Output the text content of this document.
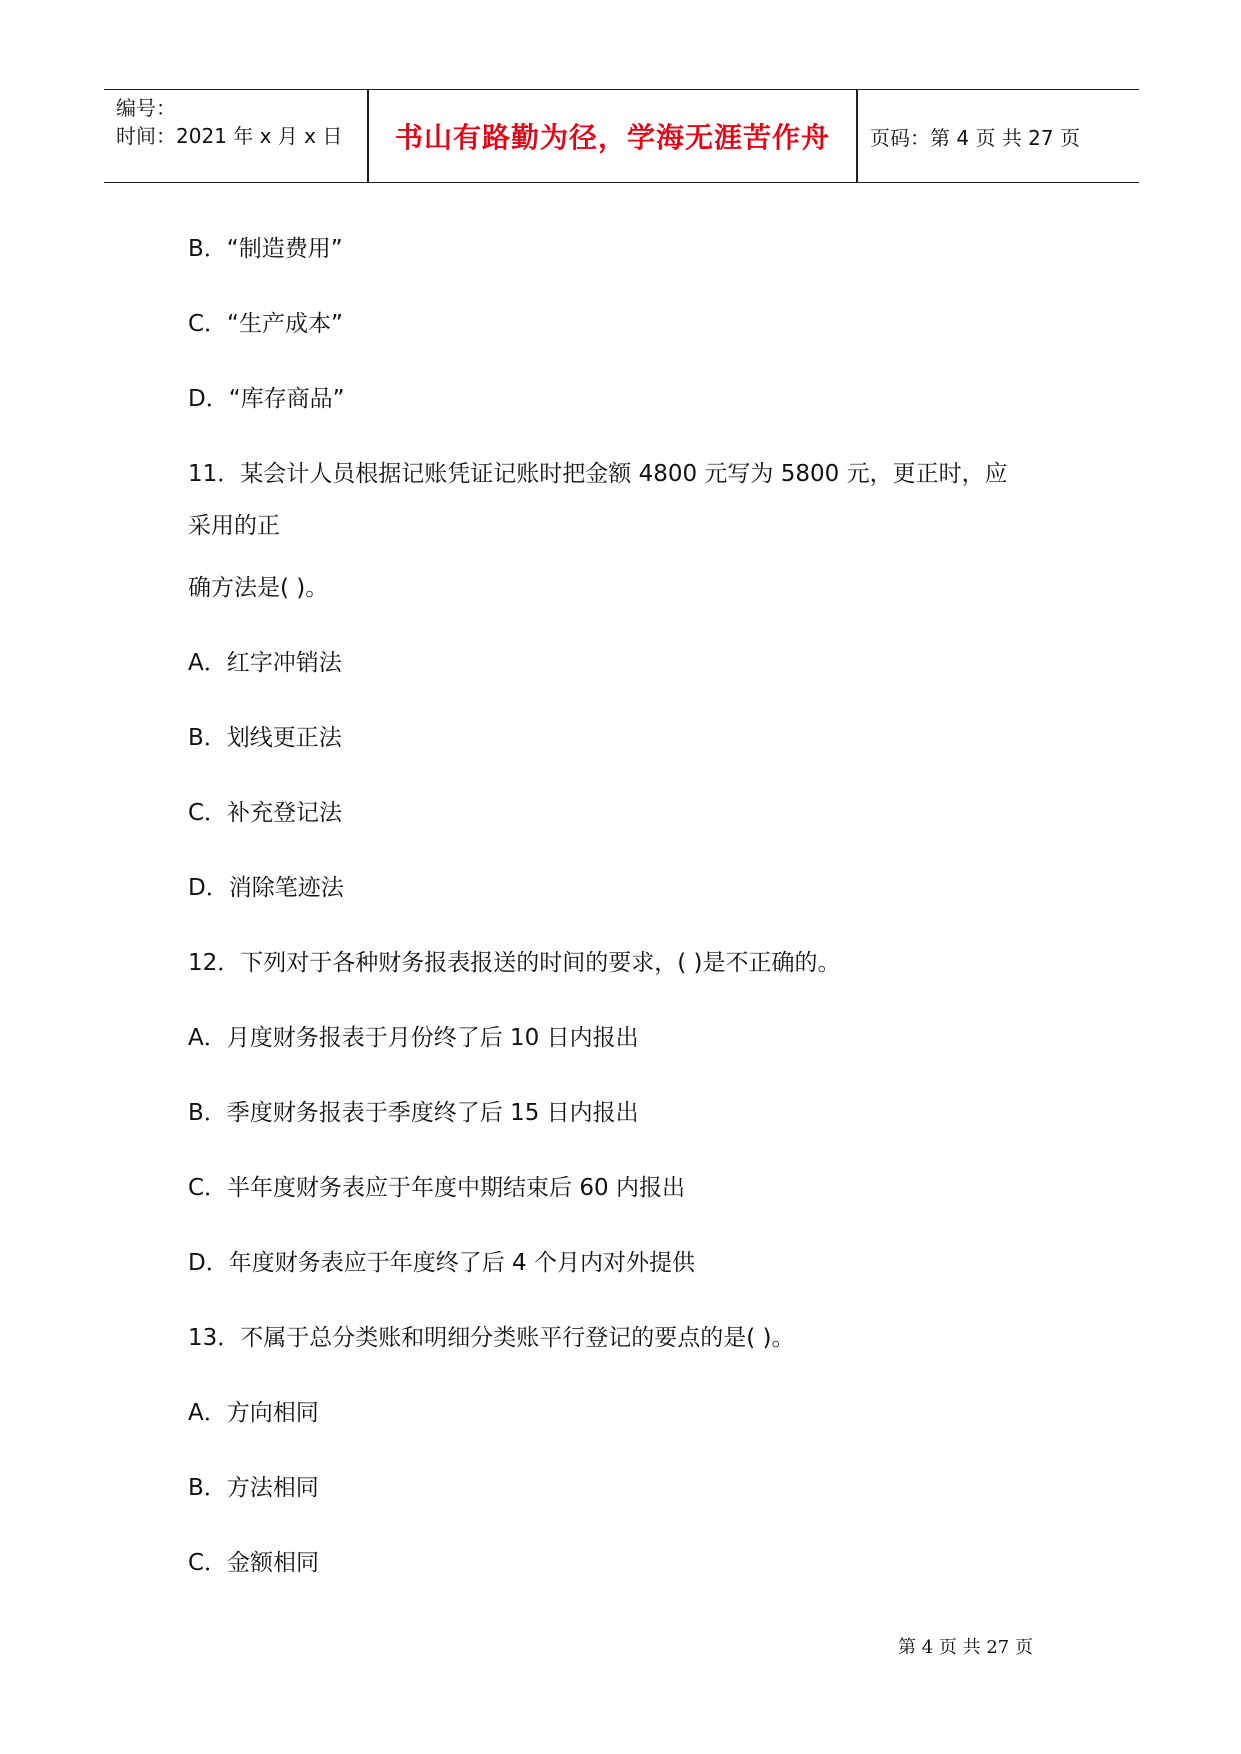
编号：
时间：2021 年 x 月 x 日	书山有路勤为径，学海无涯苦作舟	页码：第 4 页 共 27 页
B．“制造费用”
C．“生产成本”
D．“库存商品”
11．某会计人员根据记账凭证记账时把金额 4800 元写为 5800 元，更正时，应
采用的正
确方法是( )。
A．红字冲销法
B．划线更正法
C．补充登记法
D．消除笔迹法
12．下列对于各种财务报表报送的时间的要求，( )是不正确的。
A．月度财务报表于月份终了后 10 日内报出
B．季度财务报表于季度终了后 15 日内报出
C．半年度财务表应于年度中期结束后 60 内报出
D．年度财务表应于年度终了后 4 个月内对外提供
13．不属于总分类账和明细分类账平行登记的要点的是( )。
A．方向相同
B．方法相同
C．金额相同
第 4 页 共 27 页
